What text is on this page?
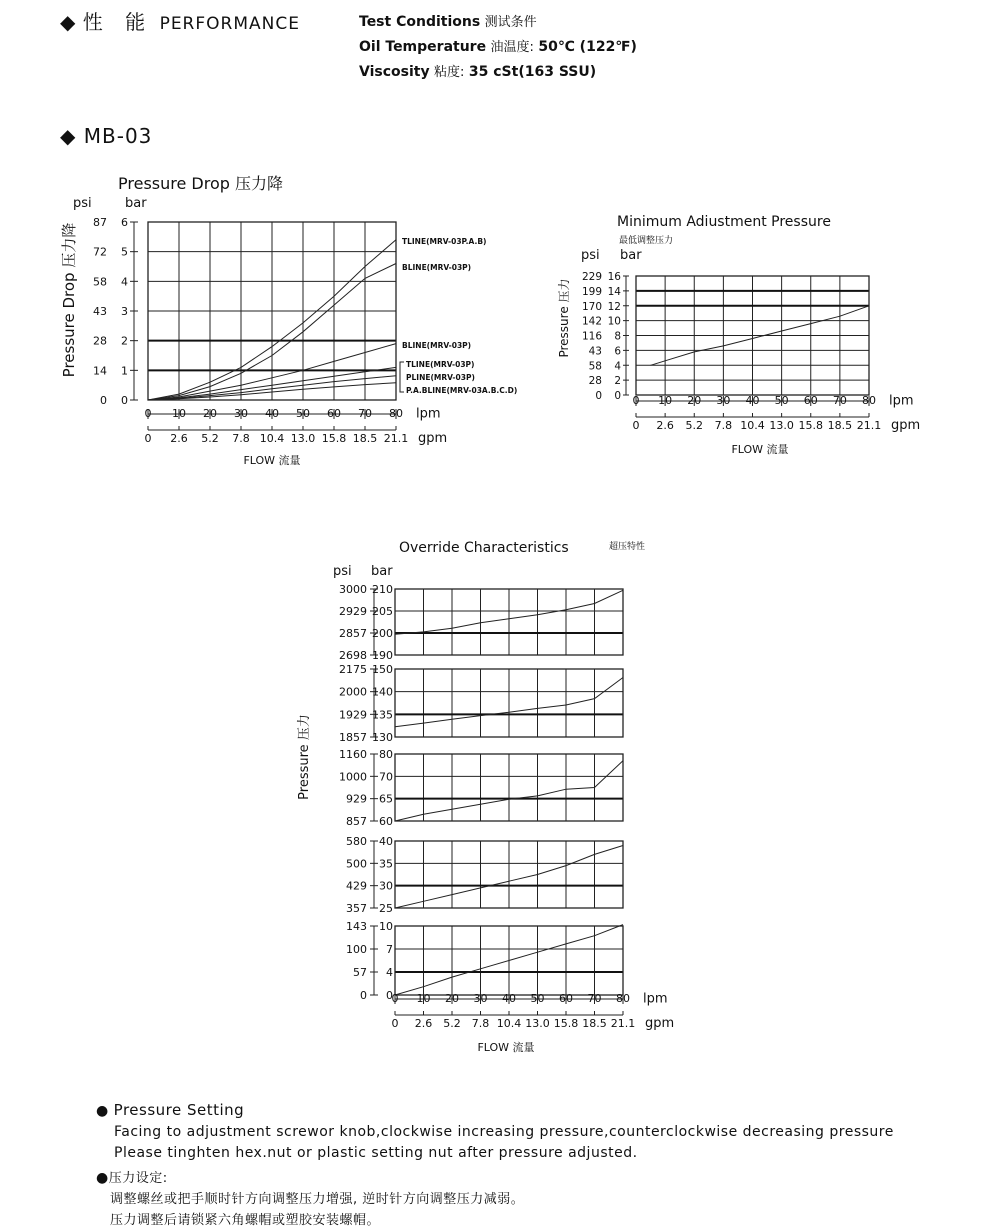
◆ 性 能 PERFORMANCE	Test Conditions 测试条件
Oil Temperature 油温度: 50℃ (122℉)
Viscosity 粘度: 35 cSt(163 SSU)
◆ MB-03
Pressure Drop 压力降
psi	bar
Pressure Drop 压力降
0
0
1
14
2
28
3
43
4
58
5
72
6
87
0 10 20 30 40 50 60 70 80 lpm
0 2.6 5.2 7.8 10.4 13.0 15.8 18.5 21.1 gpm
FLOW 流量
TLINE(MRV-03P.A.B)
BLINE(MRV-03P)
BLINE(MRV-03P)
TLINE(MRV-03P)
PLINE(MRV-03P)
P.A.BLINE(MRV-03A.B.C.D)
Minimum Adiustment Pressure
最低调整压力
psi bar
Pressure 压力
0
0
2
28
4
58
6
43
8
116
10
142
12
170
14
199
16
229
0 10 20 30 40 50 60 70 80 lpm
0 2.6 5.2 7.8 10.4 13.0 15.8 18.5 21.1 gpm
FLOW 流量
Override Characteristics	超压特性
psi bar
Pressure 压力
190
2698
200
2857
205
2929
210
3000
130
1857
135
1929
140
2000
150
2175
60
857
65
929
70
1000
80
1160
25
357
30
429
35
500
40
580
0
0
4
57
7
100
10
143
0 10 20 30 40 50 60 70 80 lpm
0 2.6 5.2 7.8 10.4 13.0 15.8 18.5 21.1 gpm
FLOW 流量

● Pressure Setting

Facing to adjustment screwor knob,clockwise increasing pressure,counterclockwise decreasing pressure

Please tinghten hex.nut or plastic setting nut after pressure adjusted.

●压力设定:

调整螺丝或把手顺时针方向调整压力增强, 逆时针方向调整压力减弱。

压力调整后请锁紧六角螺帽或塑胶安装螺帽。
